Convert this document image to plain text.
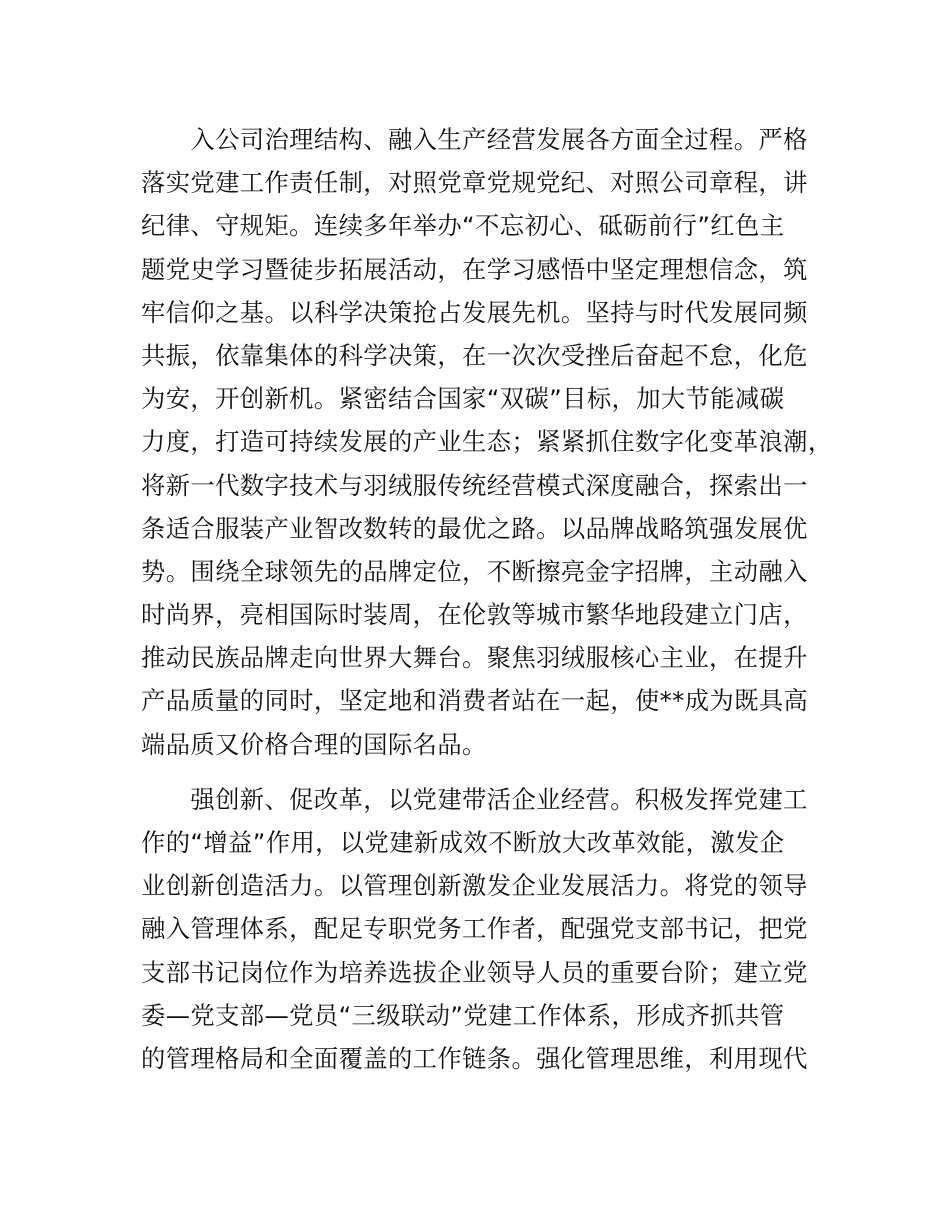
　　入公司治理结构、融入生产经营发展各方面全过程。严格
落实党建工作责任制，对照党章党规党纪、对照公司章程，讲
纪律、守规矩。连续多年举办“不忘初心、砥砺前行”红色主
题党史学习暨徒步拓展活动，在学习感悟中坚定理想信念，筑
牢信仰之基。以科学决策抢占发展先机。坚持与时代发展同频
共振，依靠集体的科学决策，在一次次受挫后奋起不怠，化危
为安，开创新机。紧密结合国家“双碳”目标，加大节能减碳
力度，打造可持续发展的产业生态；紧紧抓住数字化变革浪潮，
将新一代数字技术与羽绒服传统经营模式深度融合，探索出一
条适合服装产业智改数转的最优之路。以品牌战略筑强发展优
势。围绕全球领先的品牌定位，不断擦亮金字招牌，主动融入
时尚界，亮相国际时装周，在伦敦等城市繁华地段建立门店，
推动民族品牌走向世界大舞台。聚焦羽绒服核心主业，在提升
产品质量的同时，坚定地和消费者站在一起，使**成为既具高
端品质又价格合理的国际名品。

　　强创新、促改革，以党建带活企业经营。积极发挥党建工
作的“增益”作用，以党建新成效不断放大改革效能，激发企
业创新创造活力。以管理创新激发企业发展活力。将党的领导
融入管理体系，配足专职党务工作者，配强党支部书记，把党
支部书记岗位作为培养选拔企业领导人员的重要台阶；建立党
委—党支部—党员“三级联动”党建工作体系，形成齐抓共管
的管理格局和全面覆盖的工作链条。强化管理思维，利用现代
